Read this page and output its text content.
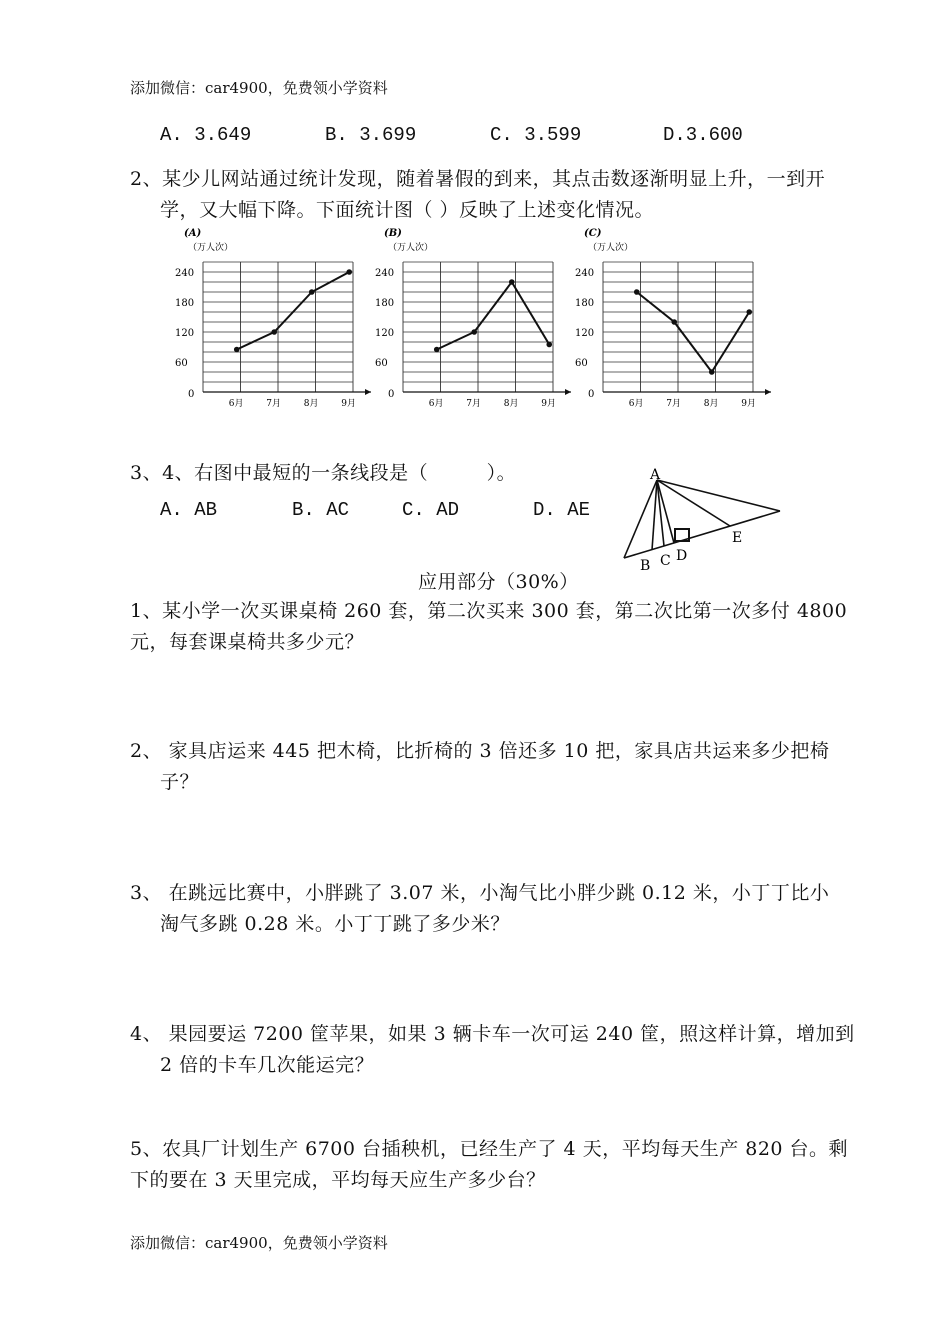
添加微信：car4900，免费领小学资料
A. 3.649	B. 3.699	C. 3.599	D.3.600
2、某少儿网站通过统计发现，随着暑假的到来，其点击数逐渐明显上升，一到开
学，又大幅下降。下面统计图（ ）反映了上述变化情况。
(A)
（万人次）
0
60
120
180
240
6月	7月	8月	9月
(B)
（万人次）
0
60
120
180
240
6月	7月	8月	9月
(C)
（万人次）
0
60
120
180
240
6月	7月	8月	9月
3、4、右图中最短的一条线段是（　　　）。
A. AB	B. AC	C. AD	D. AE
A
B C D
E
应用部分（30%）
1、某小学一次买课桌椅 260 套，第二次买来 300 套，第二次比第一次多付 4800
元，每套课桌椅共多少元？
2、 家具店运来 445 把木椅，比折椅的 3 倍还多 10 把，家具店共运来多少把椅
子？
3、 在跳远比赛中，小胖跳了 3.07 米，小淘气比小胖少跳 0.12 米，小丁丁比小
淘气多跳 0.28 米。小丁丁跳了多少米？
4、 果园要运 7200 筐苹果，如果 3 辆卡车一次可运 240 筐，照这样计算，增加到
2 倍的卡车几次能运完？
5、农具厂计划生产 6700 台插秧机，已经生产了 4 天，平均每天生产 820 台。剩
下的要在 3 天里完成，平均每天应生产多少台？
添加微信：car4900，免费领小学资料
